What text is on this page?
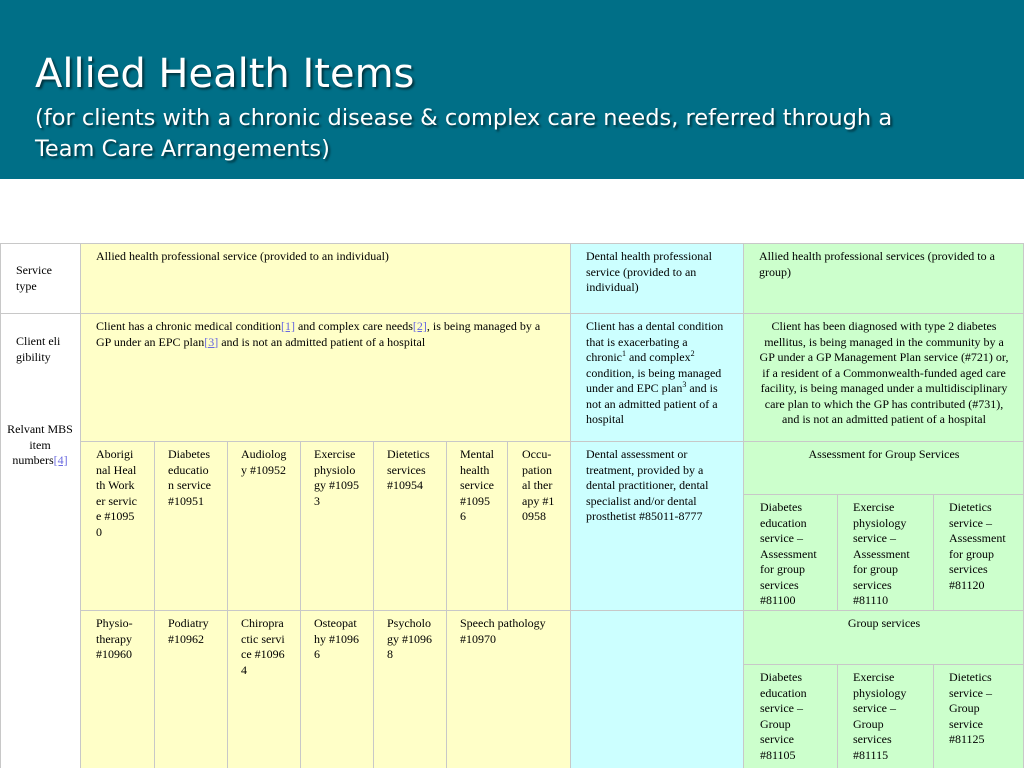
Allied Health Items

(for clients with a chronic disease & complex care needs, referred through a Team Care Arrangements)

Service type
Client eligibility
Relvant MBS item numbers[4]
Allied health professional service (provided to an individual)	Dental health professional service (provided to an individual)
Allied health professional services (provided to a group)
Client has a chronic medical condition[1] and complex care needs[2], is being managed by a GP under an EPC plan[3] and is not an admitted patient of a hospital
Client has a dental condition that is exacerbating a chronic$^1$ and complex$^2$ condition, is being managed under and EPC plan$^3$ and is not an admitted patient of a hospital
Client has been diagnosed with type 2 diabetes mellitus, is being managed in the community by a GP under a GP Management Plan service (#721) or, if a resident of a Commonwealth-funded aged care facility, is being managed under a multidisciplinary care plan to which the GP has contributed (#731), and is not an admitted patient of a hospital
Aboriginal Health Worker service #10950
Diabetes education service #10951
Audiology #10952
Exercise physiology #10953
Dietetics services #10954
Mental health service #10956
Occu-pational therapy #10958
Physio-therapy #10960
Podiatry #10962
Chiropractic service #10964
Osteopathy #10966
Psychology #10968
Speech pathology #10970
Dental assessment or treatment, provided by a dental practitioner, dental specialist and/or dental prosthetist #85011-8777
Assessment for Group Services
Diabetes education service – Assessment for group services #81100
Exercise physiology service – Assessment for group services #81110
Dietetics service – Assessment for group services #81120
Group services
Diabetes education service – Group service #81105
Exercise physiology service – Group services #81115
Dietetics service – Group service #81125
